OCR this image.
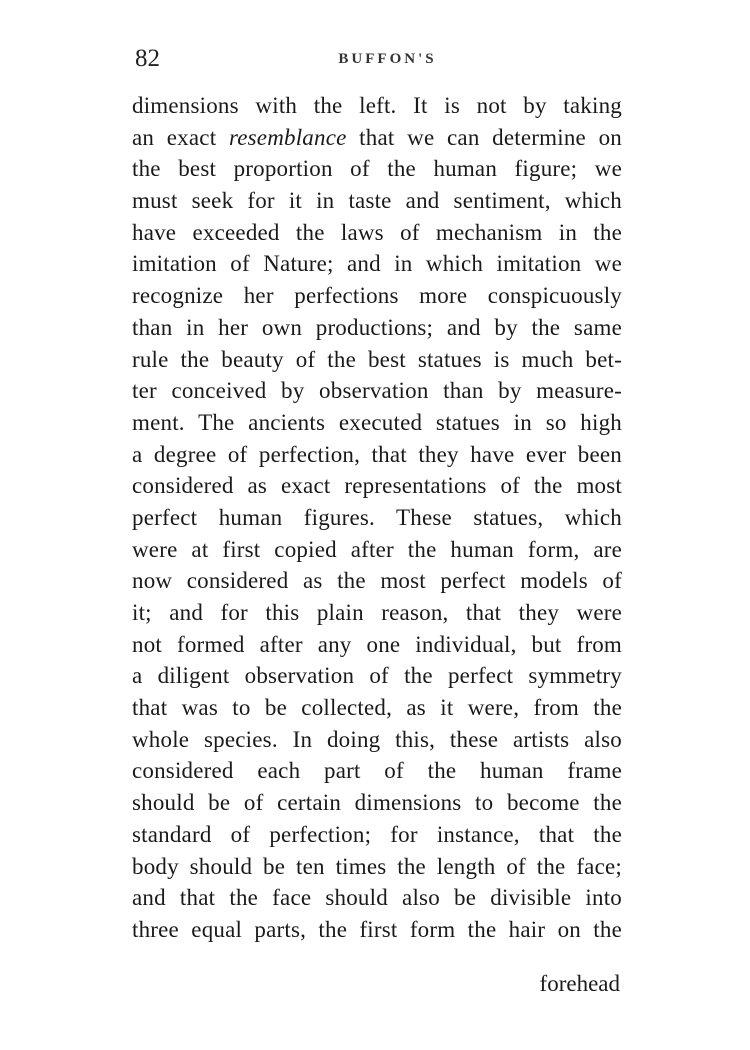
82	BUFFON'S
dimensions with the left. It is not by taking
an exact resemblance that we can determine on
the best proportion of the human figure; we
must seek for it in taste and sentiment, which
have exceeded the laws of mechanism in the
imitation of Nature; and in which imitation we
recognize her perfections more conspicuously
than in her own productions; and by the same
rule the beauty of the best statues is much bet-
ter conceived by observation than by measure-
ment. The ancients executed statues in so high
a degree of perfection, that they have ever been
considered as exact representations of the most
perfect human figures. These statues, which
were at first copied after the human form, are
now considered as the most perfect models of
it; and for this plain reason, that they were
not formed after any one individual, but from
a diligent observation of the perfect symmetry
that was to be collected, as it were, from the
whole species. In doing this, these artists also
considered each part of the human frame
should be of certain dimensions to become the
standard of perfection; for instance, that the
body should be ten times the length of the face;
and that the face should also be divisible into
three equal parts, the first form the hair on the
forehead
